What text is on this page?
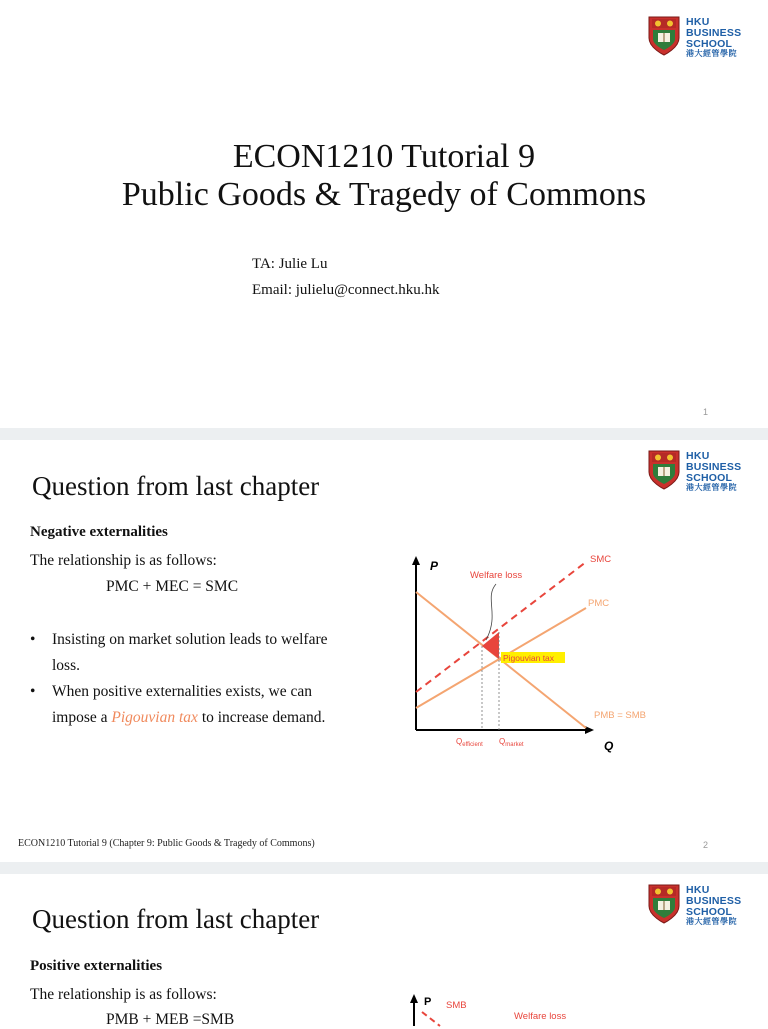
HKU
BUSINESS
SCHOOL
港大經管學院
ECON1210 Tutorial 9
Public Goods & Tragedy of Commons
TA: Julie Lu
Email: julielu@connect.hku.hk
1
HKU
BUSINESS
SCHOOL
港大經管學院
Question from last chapter
Negative externalities
The relationship is as follows:
PMC + MEC = SMC
• Insisting on market solution leads to welfare loss.
• When positive externalities exists, we can impose a Pigouvian tax to increase demand.
P
Q
Pigouvian tax
Welfare loss
SMC
PMC
PMB = SMB
$Q_{efficient}$ $Q_{market}$
ECON1210 Tutorial 9 (Chapter 9: Public Goods & Tragedy of Commons)	2
HKU
BUSINESS
SCHOOL
港大經管學院
Question from last chapter
Positive externalities
The relationship is as follows:
PMB + MEB =SMB
P SMB
Welfare loss
